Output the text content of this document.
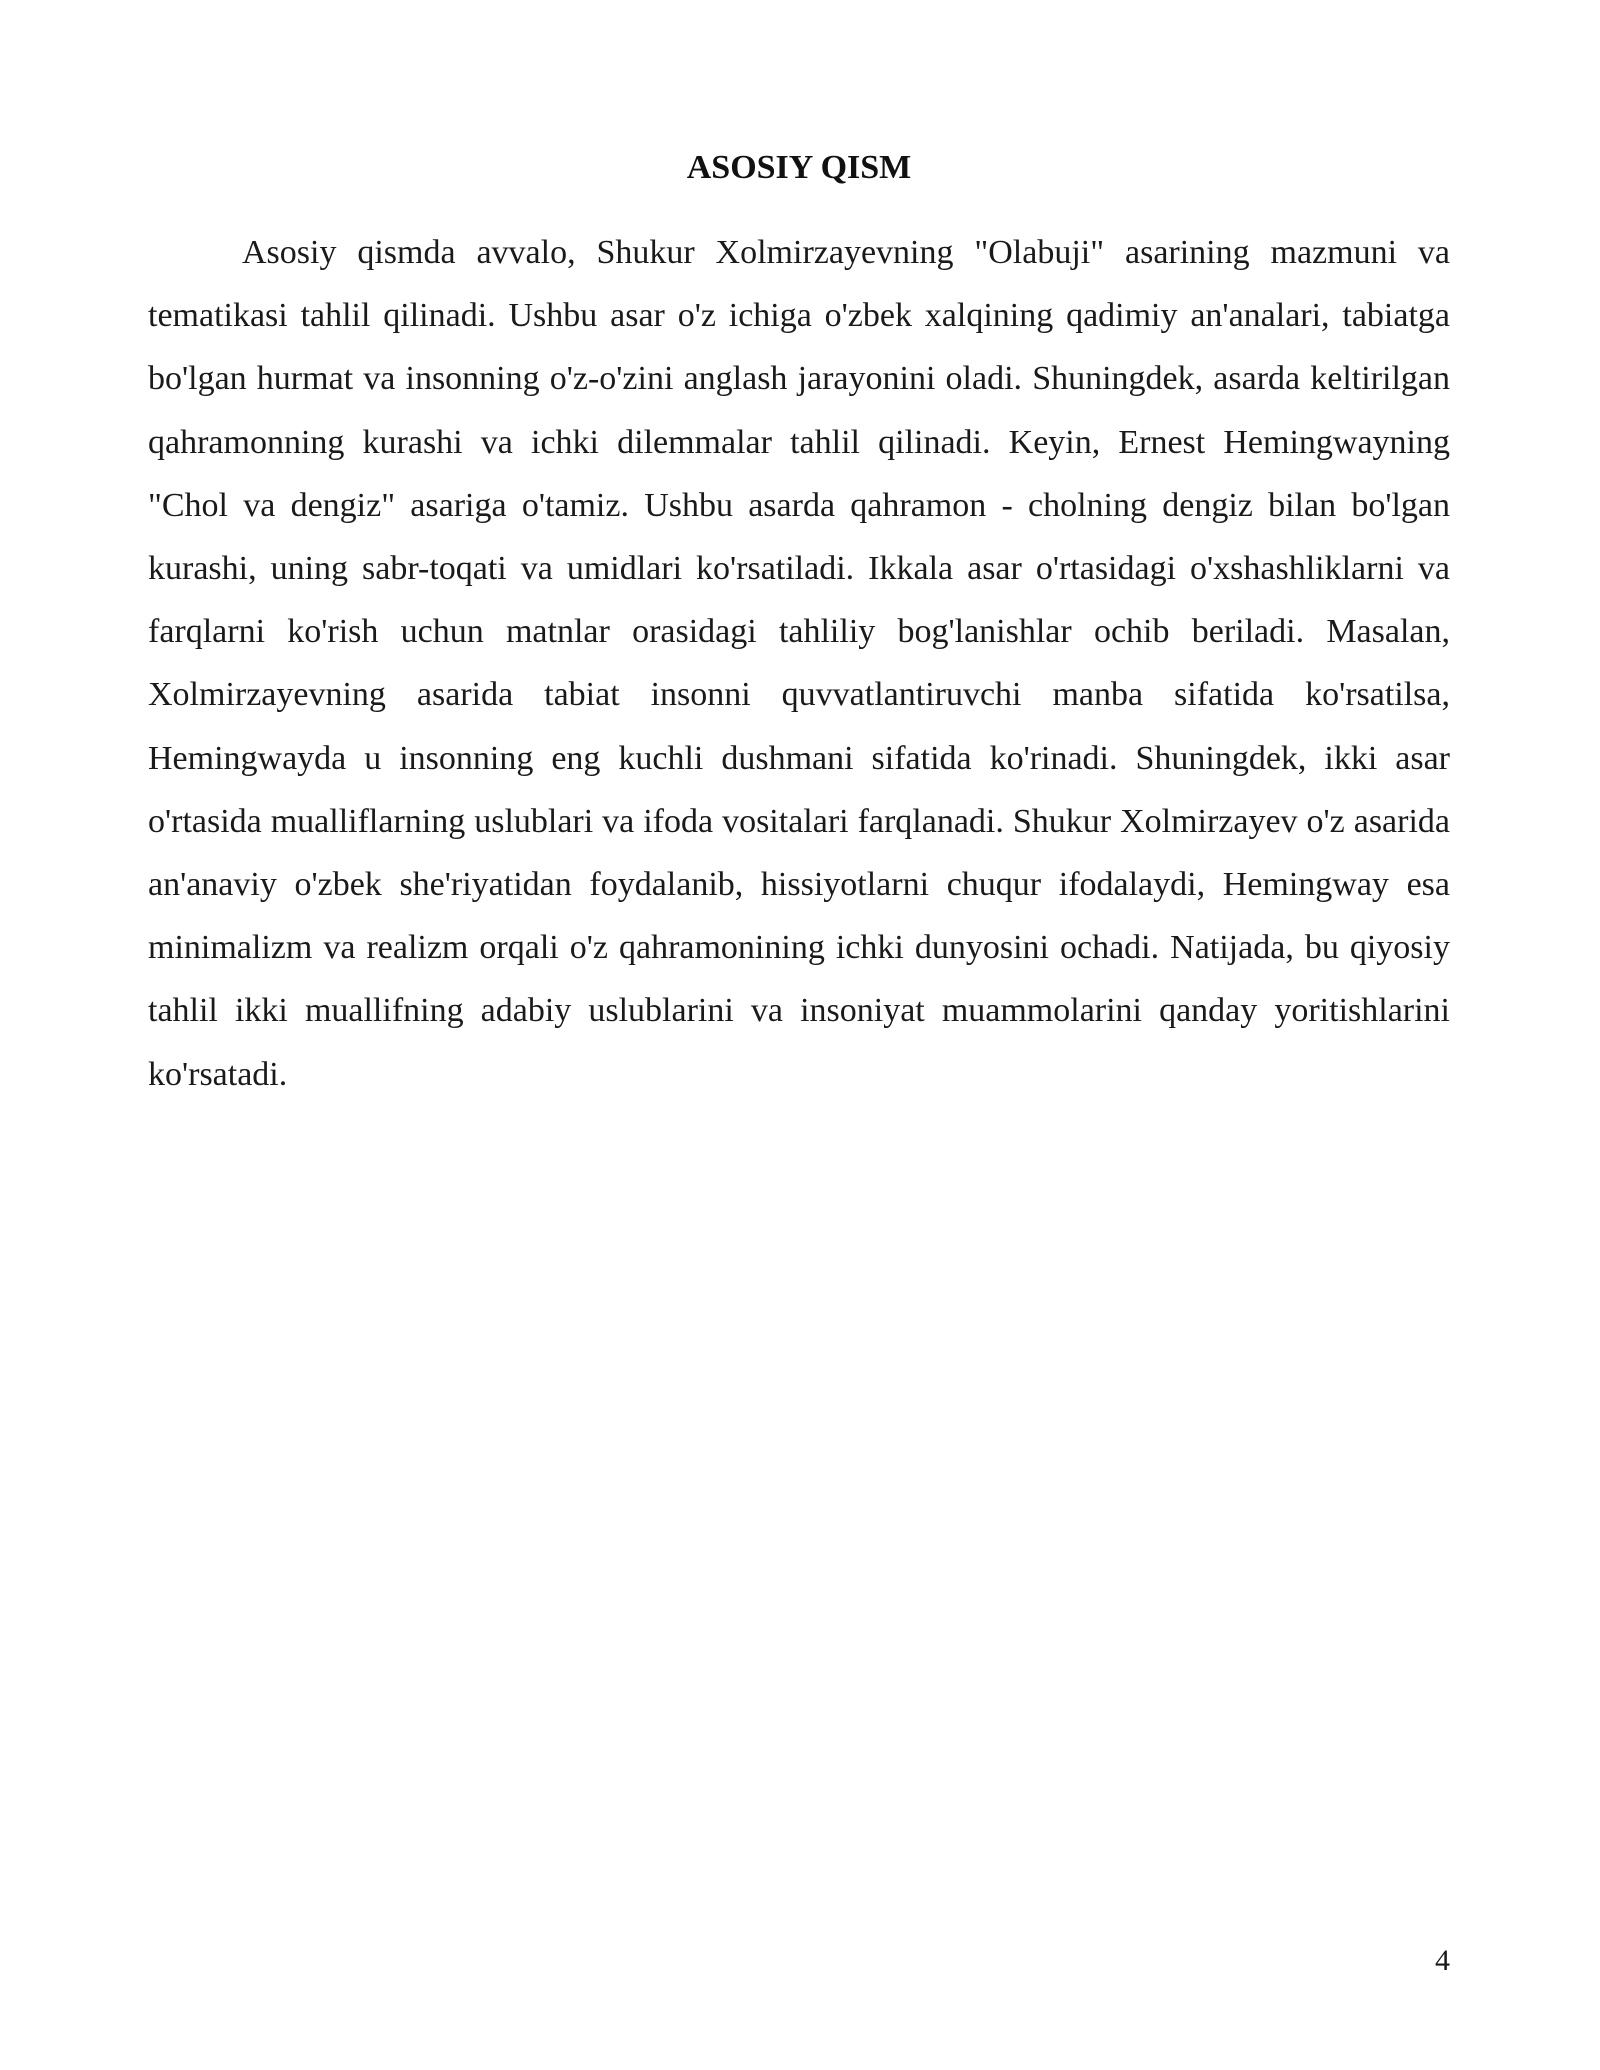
ASOSIY QISM

Asosiy qismda avvalo, Shukur Xolmirzayevning "Olabuji" asarining mazmuni va tematikasi tahlil qilinadi. Ushbu asar o'z ichiga o'zbek xalqining qadimiy an'analari, tabiatga bo'lgan hurmat va insonning o'z-o'zini anglash jarayonini oladi. Shuningdek, asarda keltirilgan qahramonning kurashi va ichki dilemmalar tahlil qilinadi. Keyin, Ernest Hemingwayning "Chol va dengiz" asariga o'tamiz. Ushbu asarda qahramon - cholning dengiz bilan bo'lgan kurashi, uning sabr-toqati va umidlari ko'rsatiladi. Ikkala asar o'rtasidagi o'xshashliklarni va farqlarni ko'rish uchun matnlar orasidagi tahliliy bog'lanishlar ochib beriladi. Masalan, Xolmirzayevning asarida tabiat insonni quvvatlantiruvchi manba sifatida ko'rsatilsa, Hemingwayda u insonning eng kuchli dushmani sifatida ko'rinadi. Shuningdek, ikki asar o'rtasida mualliflarning uslublari va ifoda vositalari farqlanadi. Shukur Xolmirzayev o'z asarida an'anaviy o'zbek she'riyatidan foydalanib, hissiyotlarni chuqur ifodalaydi, Hemingway esa minimalizm va realizm orqali o'z qahramonining ichki dunyosini ochadi. Natijada, bu qiyosiy tahlil ikki muallifning adabiy uslublarini va insoniyat muammolarini qanday yoritishlarini ko'rsatadi.

4
